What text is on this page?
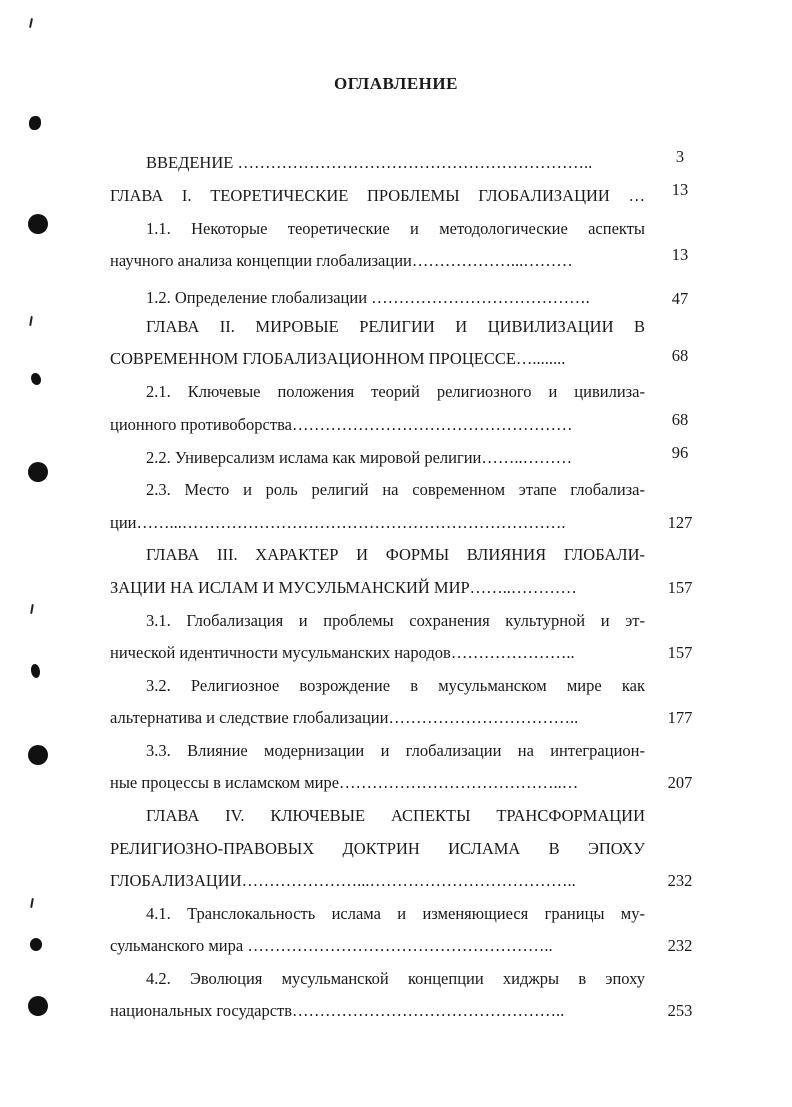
ОГЛАВЛЕНИЕ
ВВЕДЕНИЕ ………………………………………………………..	3
ГЛАВА I. ТЕОРЕТИЧЕСКИЕ ПРОБЛЕМЫ ГЛОБАЛИЗАЦИИ …	13
1.1. Некоторые теоретические и методологические аспекты
научного анализа концепции глобализации………………...………	13
1.2. Определение глобализации ………………………………….	47
ГЛАВА II. МИРОВЫЕ РЕЛИГИИ И ЦИВИЛИЗАЦИИ В
СОВРЕМЕННОМ ГЛОБАЛИЗАЦИОННОМ ПРОЦЕССЕ…........	68
2.1. Ключевые положения теорий религиозного и цивилиза-
ционного противоборства……………………………………………	68
2.2. Универсализм ислама как мировой религии……..………	96
2.3. Место и роль религий на современном этапе глобализа-
ции……...…………………………………………………………….	127
ГЛАВА III. ХАРАКТЕР И ФОРМЫ ВЛИЯНИЯ ГЛОБАЛИ-
ЗАЦИИ НА ИСЛАМ И МУСУЛЬМАНСКИЙ МИР……..…………	157
3.1. Глобализация и проблемы сохранения культурной и эт-
нической идентичности мусульманских народов…………………..	157
3.2. Религиозное возрождение в мусульманском мире как
альтернатива и следствие глобализации……………………………..	177
3.3. Влияние модернизации и глобализации на интеграцион-
ные процессы в исламском мире…………………………………..…	207
ГЛАВА IV. КЛЮЧЕВЫЕ АСПЕКТЫ ТРАНСФОРМАЦИИ
РЕЛИГИОЗНО-ПРАВОВЫХ ДОКТРИН ИСЛАМА В ЭПОХУ
ГЛОБАЛИЗАЦИИ…………………...………………………………..	232
4.1. Транслокальность ислама и изменяющиеся границы му-
сульманского мира ………………………………………………..	232
4.2. Эволюция мусульманской концепции хиджры в эпоху
национальных государств…………………………………………..	253
